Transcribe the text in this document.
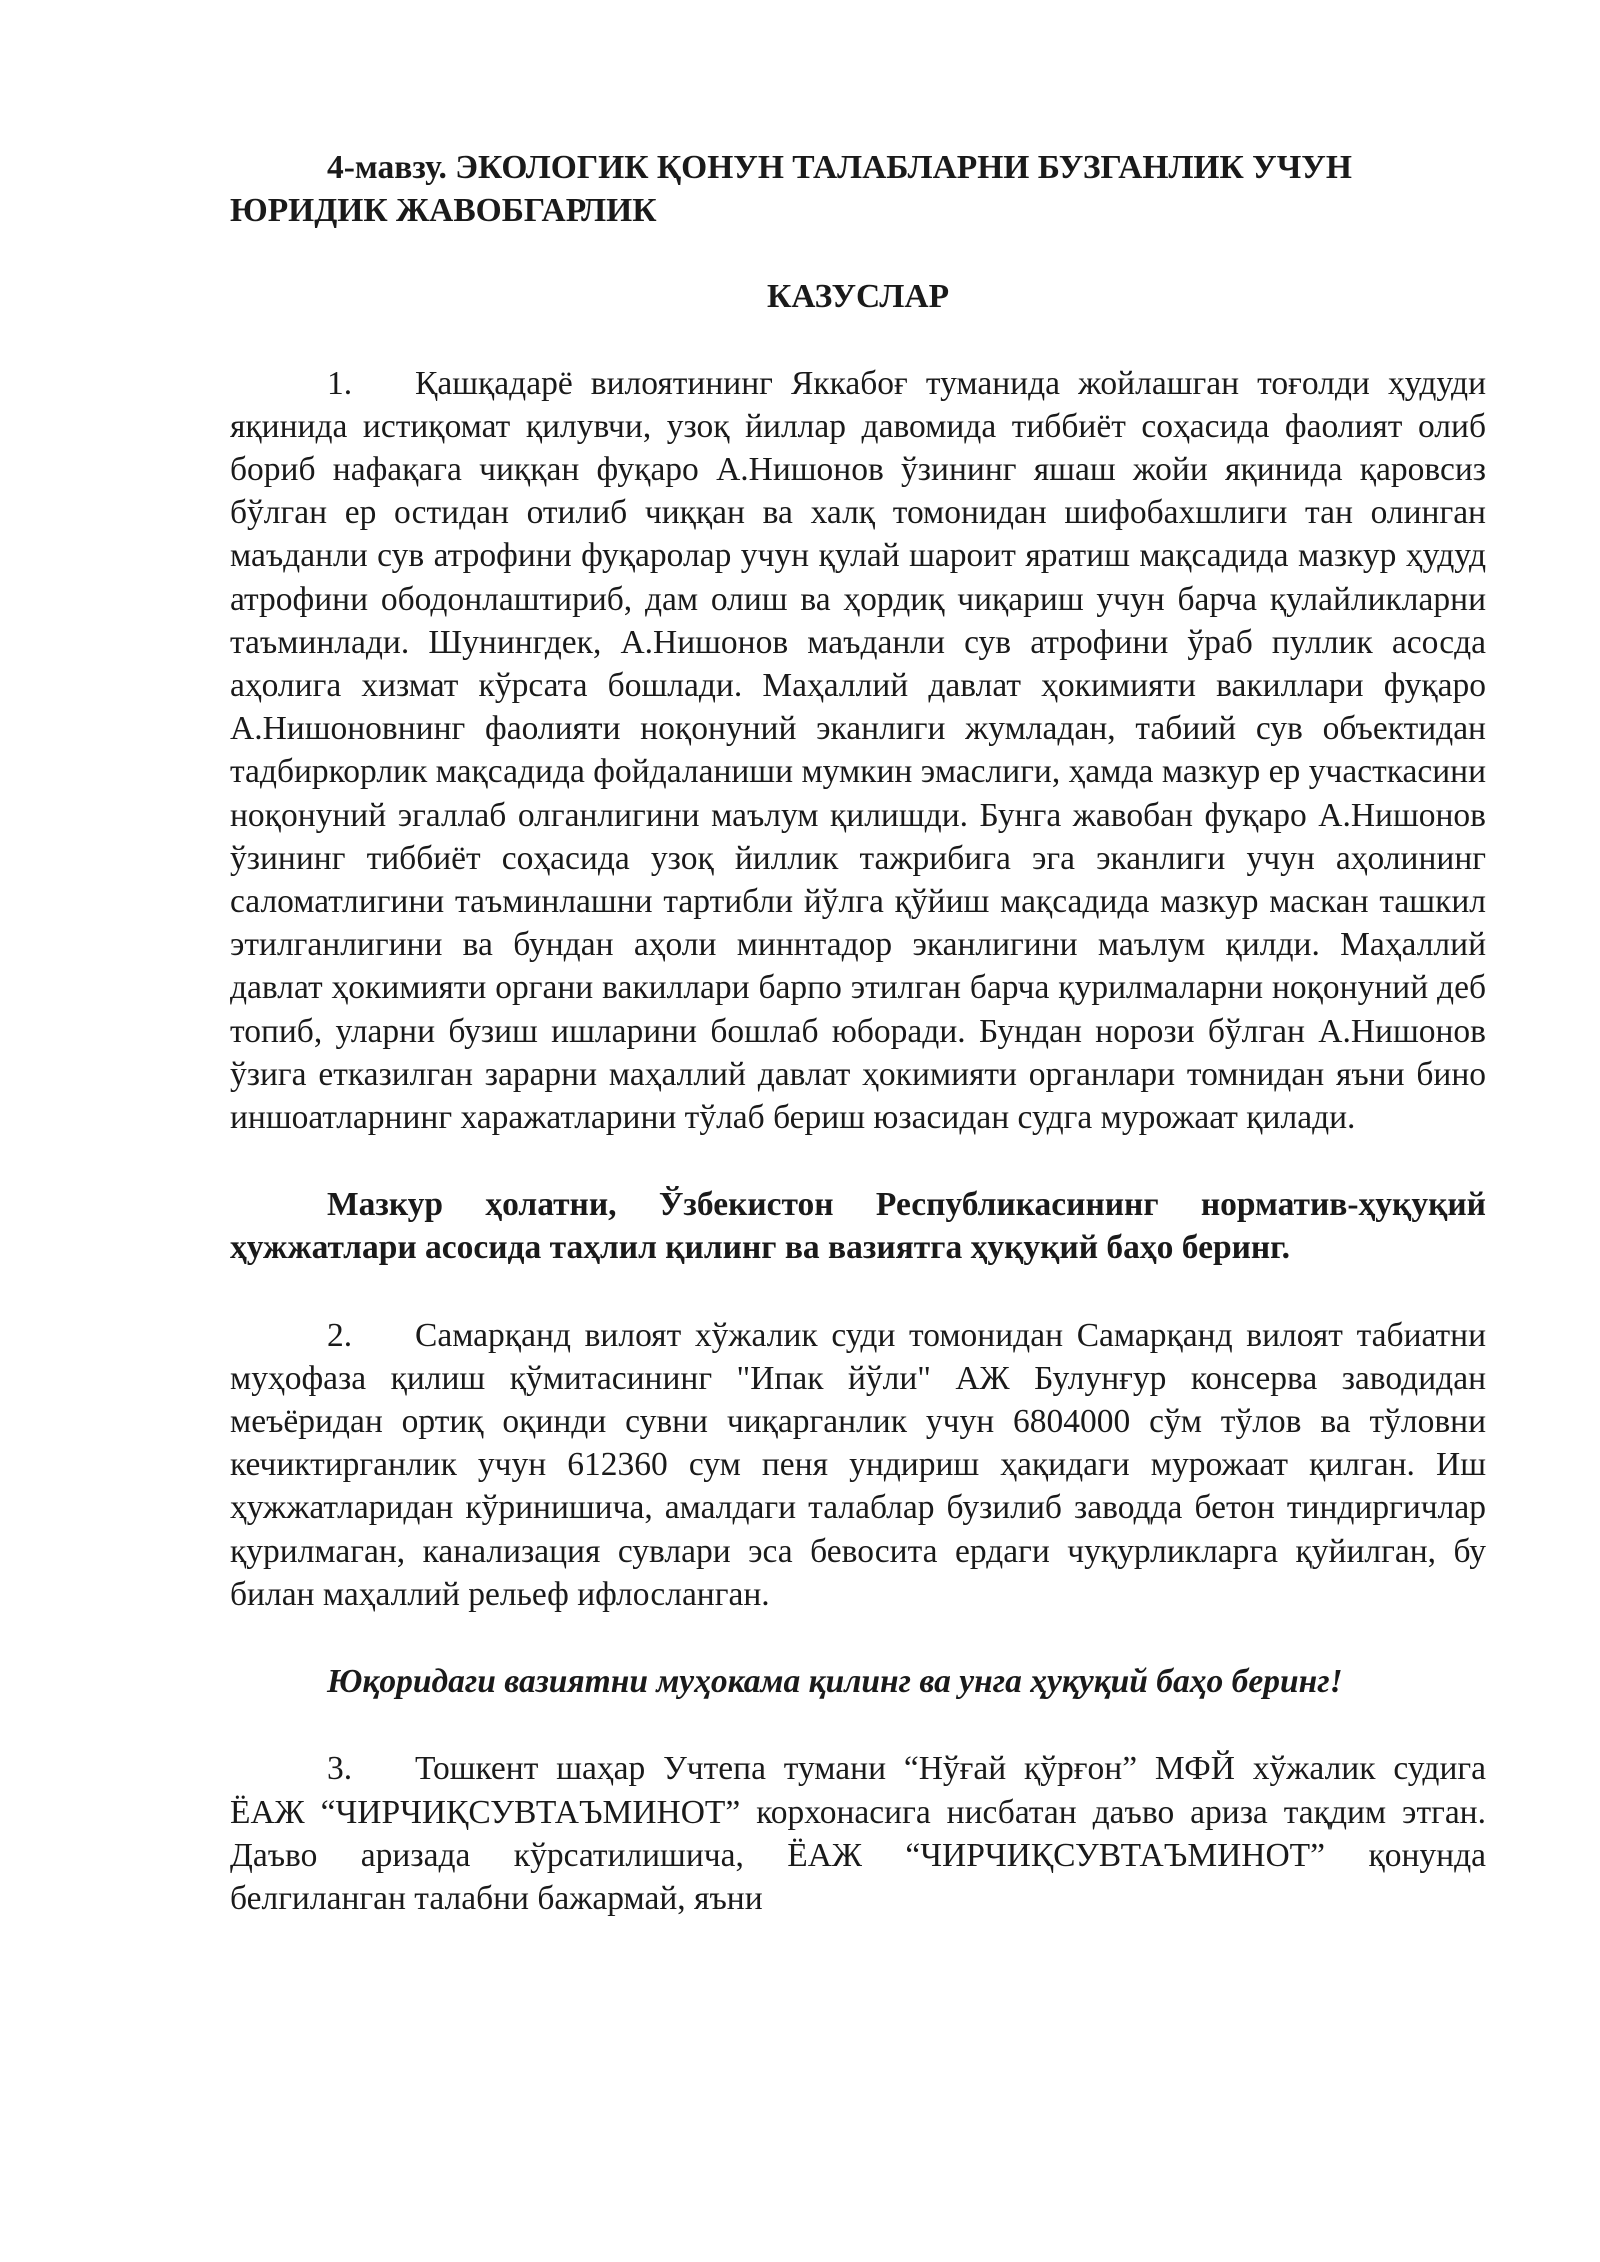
4-мавзу. ЭКОЛОГИК ҚОНУН ТАЛАБЛАРНИ БУЗГАНЛИК УЧУН ЮРИДИК ЖАВОБГАРЛИК

КАЗУСЛАР

1. Қашқадарё вилоятининг Яккабоғ туманида жойлашган тоғолди ҳудуди яқинида истиқомат қилувчи, узоқ йиллар давомида тиббиёт соҳасида фаолият олиб бориб нафақага чиққан фуқаро А.Нишонов ўзининг яшаш жойи яқинида қаровсиз бўлган ер остидан отилиб чиққан ва халқ томонидан шифобахшлиги тан олинган маъданли сув атрофини фуқаролар учун қулай шароит яратиш мақсадида мазкур ҳудуд атрофини ободонлаштириб, дам олиш ва ҳордиқ чиқариш учун барча қулайликларни таъминлади. Шунингдек, А.Нишонов маъданли сув атрофини ўраб пуллик асосда аҳолига хизмат кўрсата бошлади. Маҳаллий давлат ҳокимияти вакиллари фуқаро А.Нишоновнинг фаолияти ноқонуний эканлиги жумладан, табиий сув объектидан тадбиркорлик мақсадида фойдаланиши мумкин эмаслиги, ҳамда мазкур ер участкасини ноқонуний эгаллаб олганлигини маълум қилишди. Бунга жавобан фуқаро А.Нишонов ўзининг тиббиёт соҳасида узоқ йиллик тажрибига эга эканлиги учун аҳолининг саломатлигини таъминлашни тартибли йўлга қўйиш мақсадида мазкур маскан ташкил этилганлигини ва бундан аҳоли миннтадор эканлигини маълум қилди. Маҳаллий давлат ҳокимияти органи вакиллари барпо этилган барча қурилмаларни ноқонуний деб топиб, уларни бузиш ишларини бошлаб юборади. Бундан норози бўлган А.Нишонов ўзига етказилган зарарни маҳаллий давлат ҳокимияти органлари томнидан яъни бино иншоатларнинг харажатларини тўлаб бериш юзасидан судга мурожаат қилади.

Мазкур ҳолатни, Ўзбекистон Республикасининг норматив-ҳуқуқий ҳужжатлари асосида таҳлил қилинг ва вазиятга ҳуқуқий баҳо беринг.

2. Самарқанд вилоят хўжалик суди томонидан Самарқанд вилоят табиатни муҳофаза қилиш қўмитасининг "Ипак йўли" АЖ Булунғур консерва заводидан меъёридан ортиқ оқинди сувни чиқарганлик учун 6804000 сўм тўлов ва тўловни кечиктирганлик учун 612360 сум пеня ундириш ҳақидаги мурожаат қилган. Иш ҳужжатларидан кўринишича, амалдаги талаблар бузилиб заводда бетон тиндиргичлар қурилмаган, канализация сувлари эса бевосита ердаги чуқурликларга қуйилган, бу билан маҳаллий рельеф ифлосланган.

Юқоридаги вазиятни муҳокама қилинг ва унга ҳуқуқий баҳо беринг!

3. Тошкент шаҳар Учтепа тумани “Нўғай қўрғон” МФЙ хўжалик судига ЁАЖ “ЧИРЧИҚСУВТАЪМИНОТ” корхонасига нисбатан даъво ариза тақдим этган. Даъво аризада кўрсатилишича, ЁАЖ “ЧИРЧИҚСУВТАЪМИНОТ” қонунда белгиланган талабни бажармай, яъни
